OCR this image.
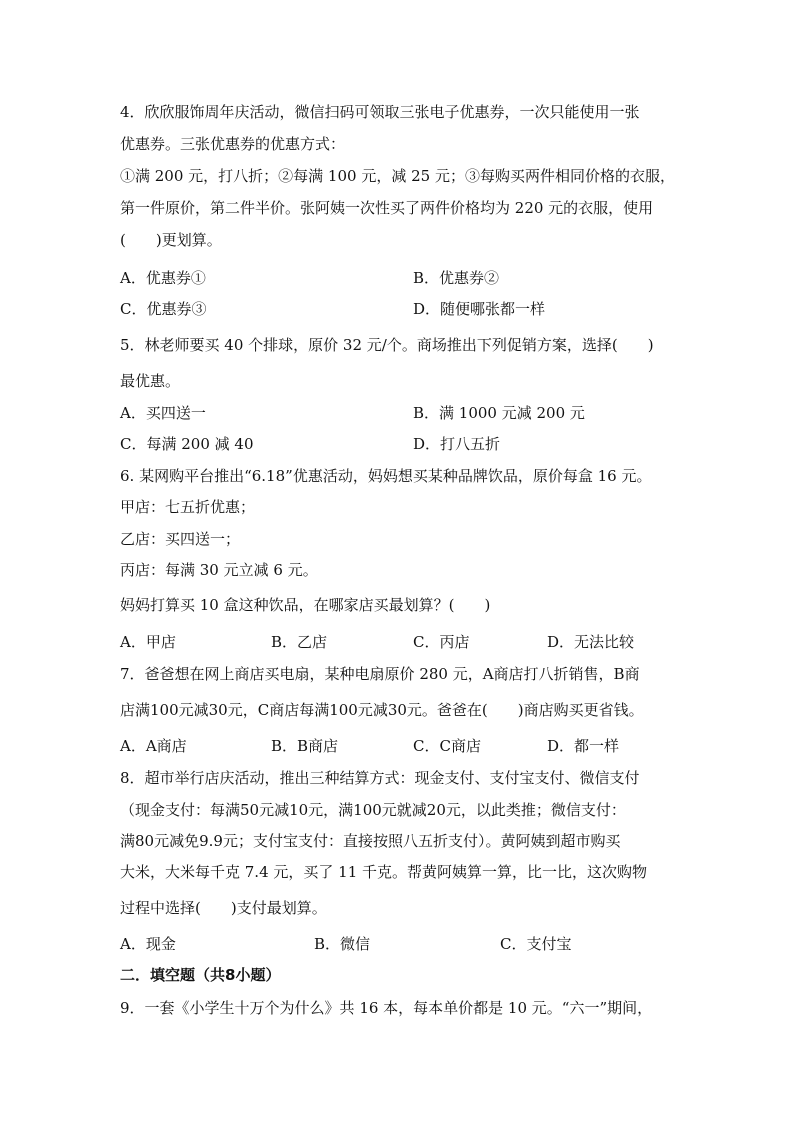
4．欣欣服饰周年庆活动，微信扫码可领取三张电子优惠券，一次只能使用一张
优惠券。三张优惠券的优惠方式：
①满 200 元，打八折；②每满 100 元，减 25 元；③每购买两件相同价格的衣服，
第一件原价，第二件半价。张阿姨一次性买了两件价格均为 220 元的衣服，使用
(　　)更划算。
A．优惠券①	B．优惠券②
C．优惠券③	D．随便哪张都一样
5．林老师要买 40 个排球，原价 32 元/个。商场推出下列促销方案，选择(　　)
最优惠。
A．买四送一	B．满 1000 元减 200 元
C．每满 200 减 40	D．打八五折
6. 某网购平台推出“6.18”优惠活动，妈妈想买某种品牌饮品，原价每盒 16 元。
甲店：七五折优惠；
乙店：买四送一；
丙店：每满 30 元立减 6 元。
妈妈打算买 10 盒这种饮品，在哪家店买最划算？(　　)
A．甲店	B．乙店	C．丙店	D．无法比较
7．爸爸想在网上商店买电扇，某种电扇原价 280 元，A商店打八折销售，B商
店满100元减30元，C商店每满100元减30元。爸爸在(　　)商店购买更省钱。
A．A商店	B．B商店	C．C商店	D．都一样
8．超市举行店庆活动，推出三种结算方式：现金支付、支付宝支付、微信支付
（现金支付：每满50元减10元，满100元就减20元，以此类推；微信支付：
满80元减免9.9元；支付宝支付：直接按照八五折支付）。黄阿姨到超市购买
大米，大米每千克 7.4 元，买了 11 千克。帮黄阿姨算一算，比一比，这次购物
过程中选择(　　)支付最划算。
A．现金	B．微信	C．支付宝
二．填空题（共8小题）
9．一套《小学生十万个为什么》共 16 本，每本单价都是 10 元。“六一”期间，
